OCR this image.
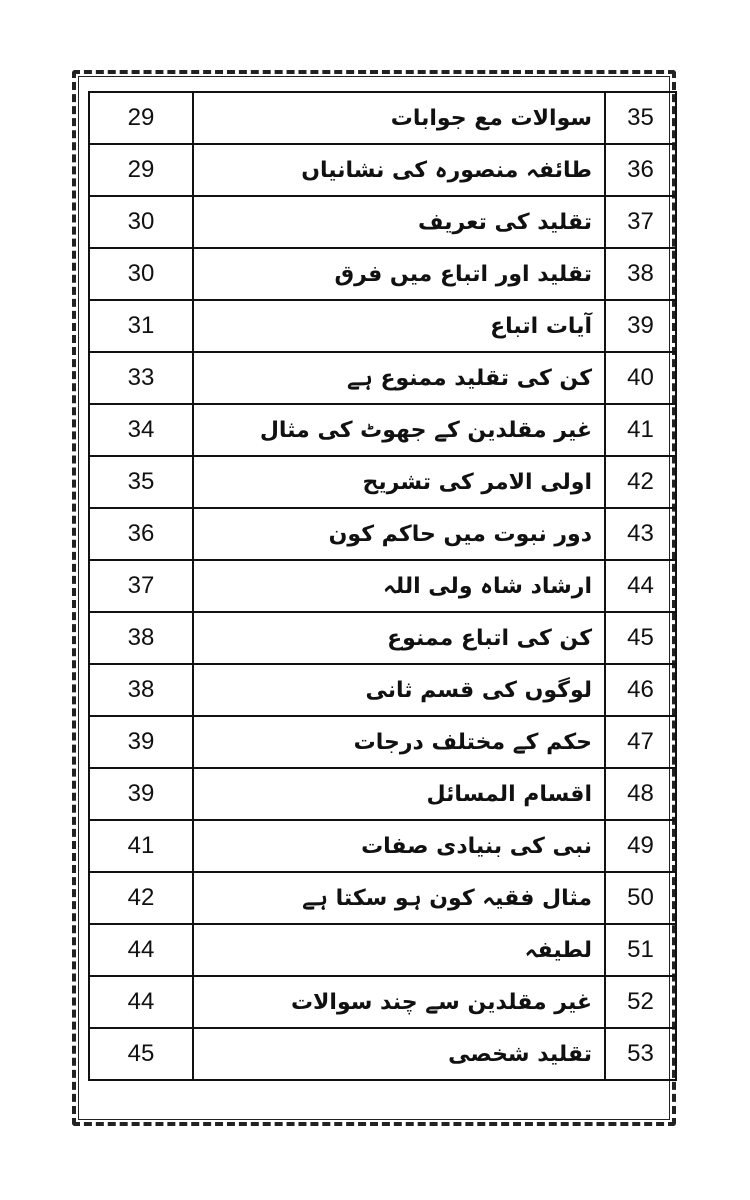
29	سوالات مع جوابات	35
29	طائفہ منصورہ کی نشانیاں	36
30	تقلید کی تعریف	37
30	تقلید اور اتباع میں فرق	38
31	آیات اتباع	39
33	کن کی تقلید ممنوع ہے	40
34	غیر مقلدین کے جھوٹ کی مثال	41
35	اولی الامر کی تشریح	42
36	دور نبوت میں حاکم کون	43
37	ارشاد شاہ ولی اللہ	44
38	کن کی اتباع ممنوع	45
38	لوگوں کی قسم ثانی	46
39	حکم کے مختلف درجات	47
39	اقسام المسائل	48
41	نبی کی بنیادی صفات	49
42	مثال فقیہ کون ہو سکتا ہے	50
44	لطیفہ	51
44	غیر مقلدین سے چند سوالات	52
45	تقلید شخصی	53
